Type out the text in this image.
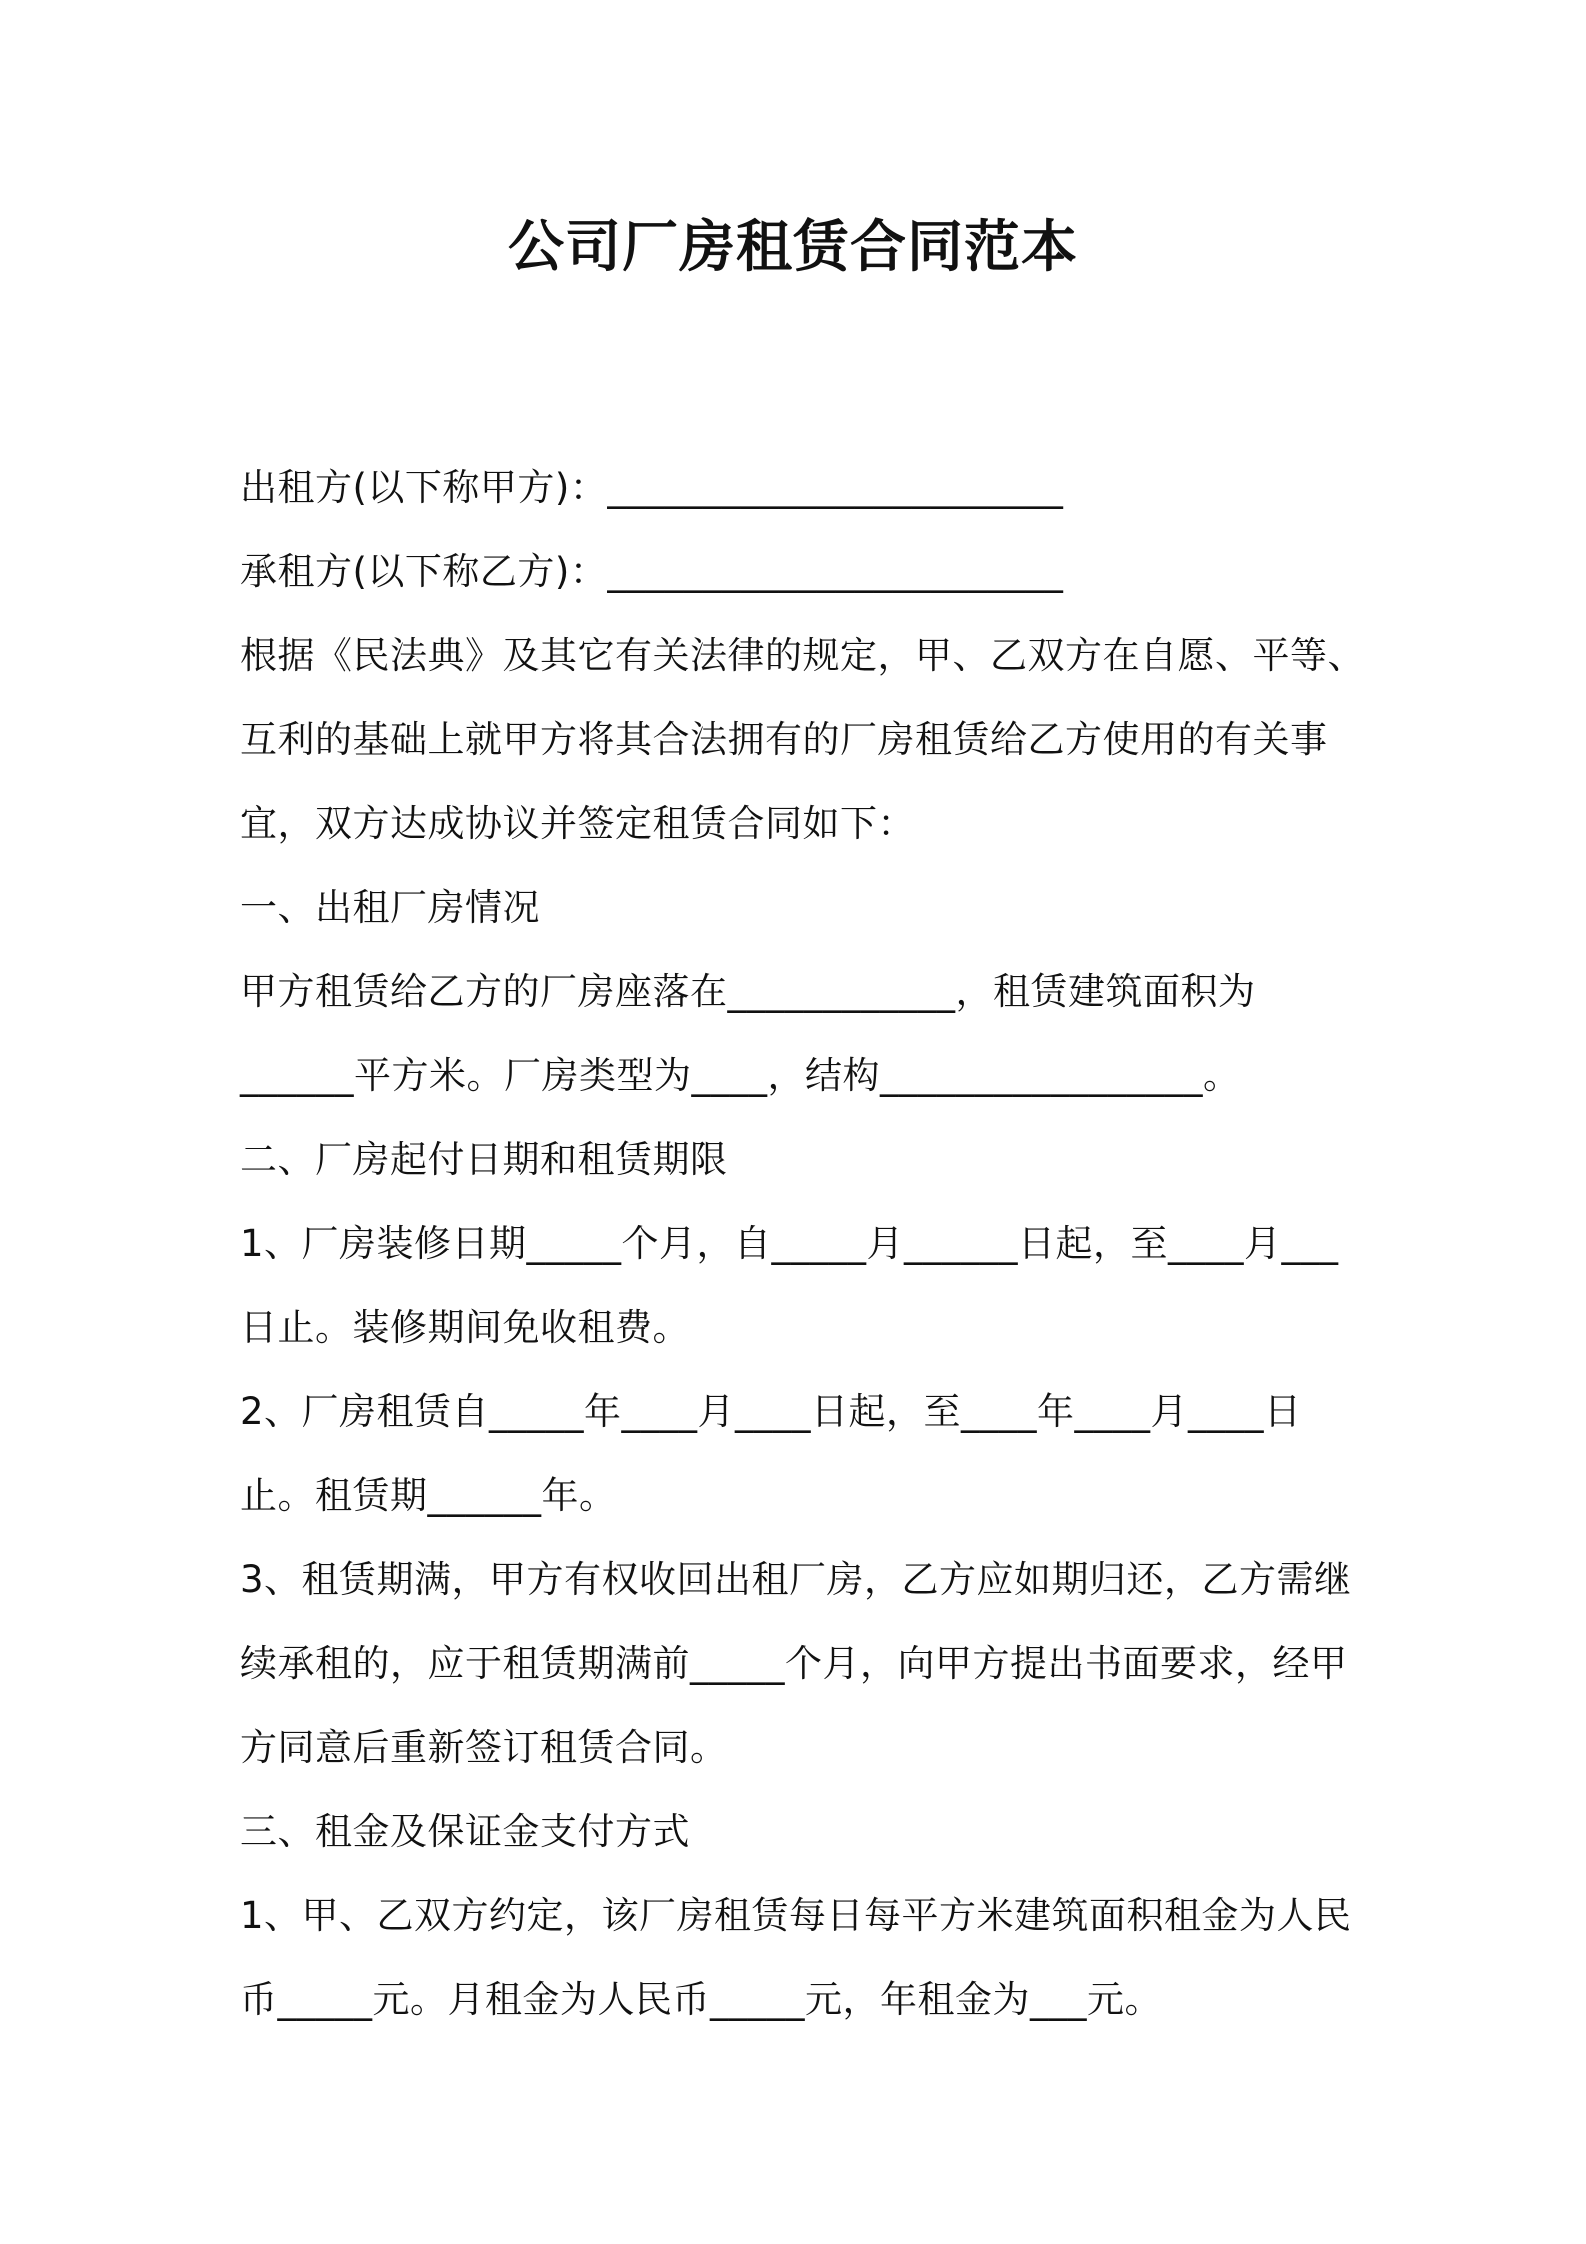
公司厂房租赁合同范本
出租方(以下称甲方)：________________________
承租方(以下称乙方)：________________________
根据《民法典》及其它有关法律的规定，甲、乙双方在自愿、平等、
互利的基础上就甲方将其合法拥有的厂房租赁给乙方使用的有关事
宜，双方达成协议并签定租赁合同如下：
一、出租厂房情况
甲方租赁给乙方的厂房座落在____________，租赁建筑面积为
______平方米。厂房类型为____，结构_________________。
二、厂房起付日期和租赁期限
1、厂房装修日期_____个月，自_____月______日起，至____月___
日止。装修期间免收租费。
2、厂房租赁自_____年____月____日起，至____年____月____日
止。租赁期______年。
3、租赁期满，甲方有权收回出租厂房，乙方应如期归还，乙方需继
续承租的，应于租赁期满前_____个月，向甲方提出书面要求，经甲
方同意后重新签订租赁合同。
三、租金及保证金支付方式
1、甲、乙双方约定，该厂房租赁每日每平方米建筑面积租金为人民
币_____元。月租金为人民币_____元，年租金为___元。
